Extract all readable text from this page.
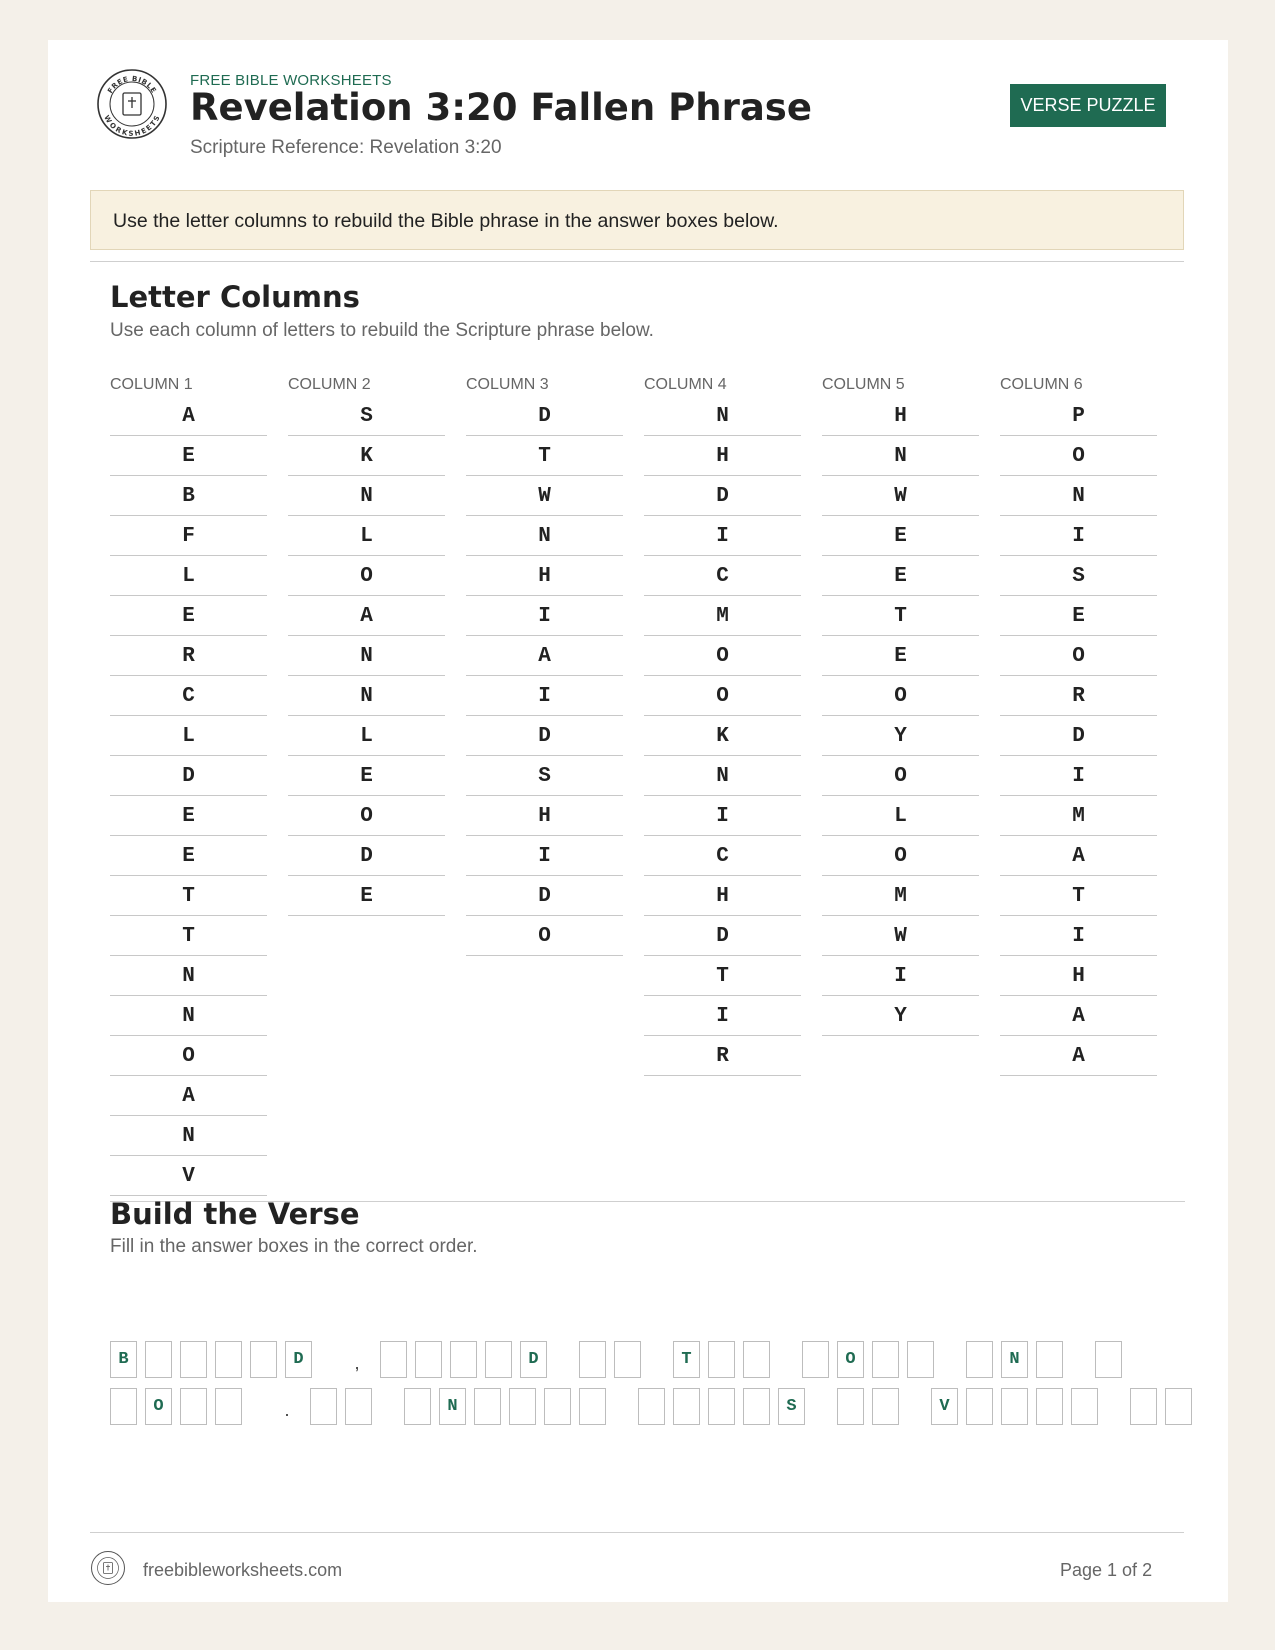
FREE BIBLE
WORKSHEETS
FREE BIBLE WORKSHEETS
Revelation 3:20 Fallen Phrase
Scripture Reference: Revelation 3:20
VERSE PUZZLE
Use the letter columns to rebuild the Bible phrase in the answer boxes below.
Letter Columns
Use each column of letters to rebuild the Scripture phrase below.
COLUMN 1
A
E
B
F
L
E
R
C
L
D
E
E
T
T
N
N
O
A
N
V
COLUMN 2
S
K
N
L
O
A
N
N
L
E
O
D
E
COLUMN 3
D
T
W
N
H
I
A
I
D
S
H
I
D
O
COLUMN 4
N
H
D
I
C
M
O
O
K
N
I
C
H
D
T
I
R
COLUMN 5
H
N
W
E
E
T
E
O
Y
O
L
O
M
W
I
Y
COLUMN 6
P
O
N
I
S
E
O
R
D
I
M
A
T
I
H
A
A
Build the Verse
Fill in the answer boxes in the correct order.
B	D	,	D	T	O	N
O	.	N	S	V
freebibleworksheets.com	Page 1 of 2
